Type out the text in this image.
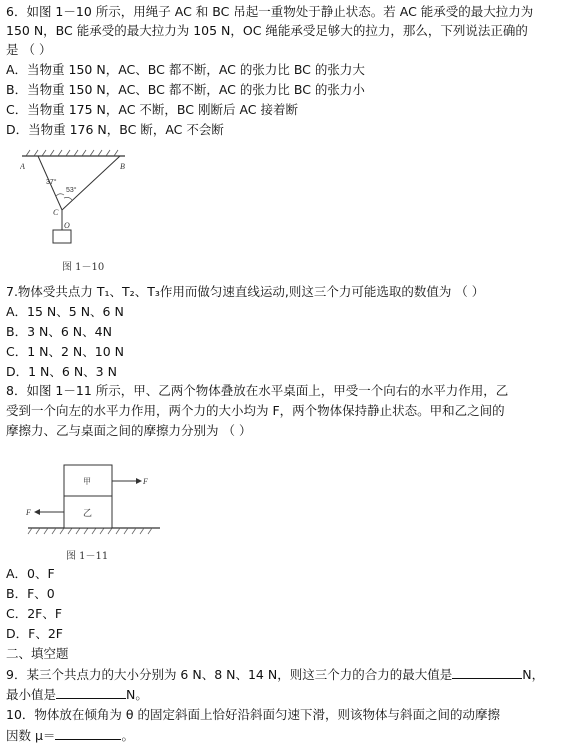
6．如图 1－10 所示，用绳子 AC 和 BC 吊起一重物处于静止状态。若 AC 能承受的最大拉力为
150 N，BC 能承受的最大拉力为 105 N，OC 绳能承受足够大的拉力，那么，下列说法正确的
是 （ ）
A．当物重 150 N，AC、BC 都不断，AC 的张力比 BC 的张力大
B．当物重 150 N，AC、BC 都不断，AC 的张力比 BC 的张力小
C．当物重 175 N，AC 不断，BC 刚断后 AC 接着断
D．当物重 176 N，BC 断，AC 不会断
A	B
C
O
37°
53°
图 1－10
7.物体受共点力 T₁、T₂、T₃作用而做匀速直线运动,则这三个力可能选取的数值为 （ ）
A．15 N、5 N、6 N
B．3 N、6 N、4N
C．1 N、2 N、10 N
D．1 N、6 N、3 N
8．如图 1－11 所示，甲、乙两个物体叠放在水平桌面上，甲受一个向右的水平力作用，乙
受到一个向左的水平力作用，两个力的大小均为 F，两个物体保持静止状态。甲和乙之间的
摩擦力、乙与桌面之间的摩擦力分别为 （ ）
甲
乙
F
F
图 1－11
A．0、F
B．F、0
C．2F、F
D．F、2F
二、填空题
9．某三个共点力的大小分别为 6 N、8 N、14 N，则这三个力的合力的最大值是	N，
最小值是	N。
10．物体放在倾角为 θ 的固定斜面上恰好沿斜面匀速下滑，则该物体与斜面之间的动摩擦
因数 μ＝	。
